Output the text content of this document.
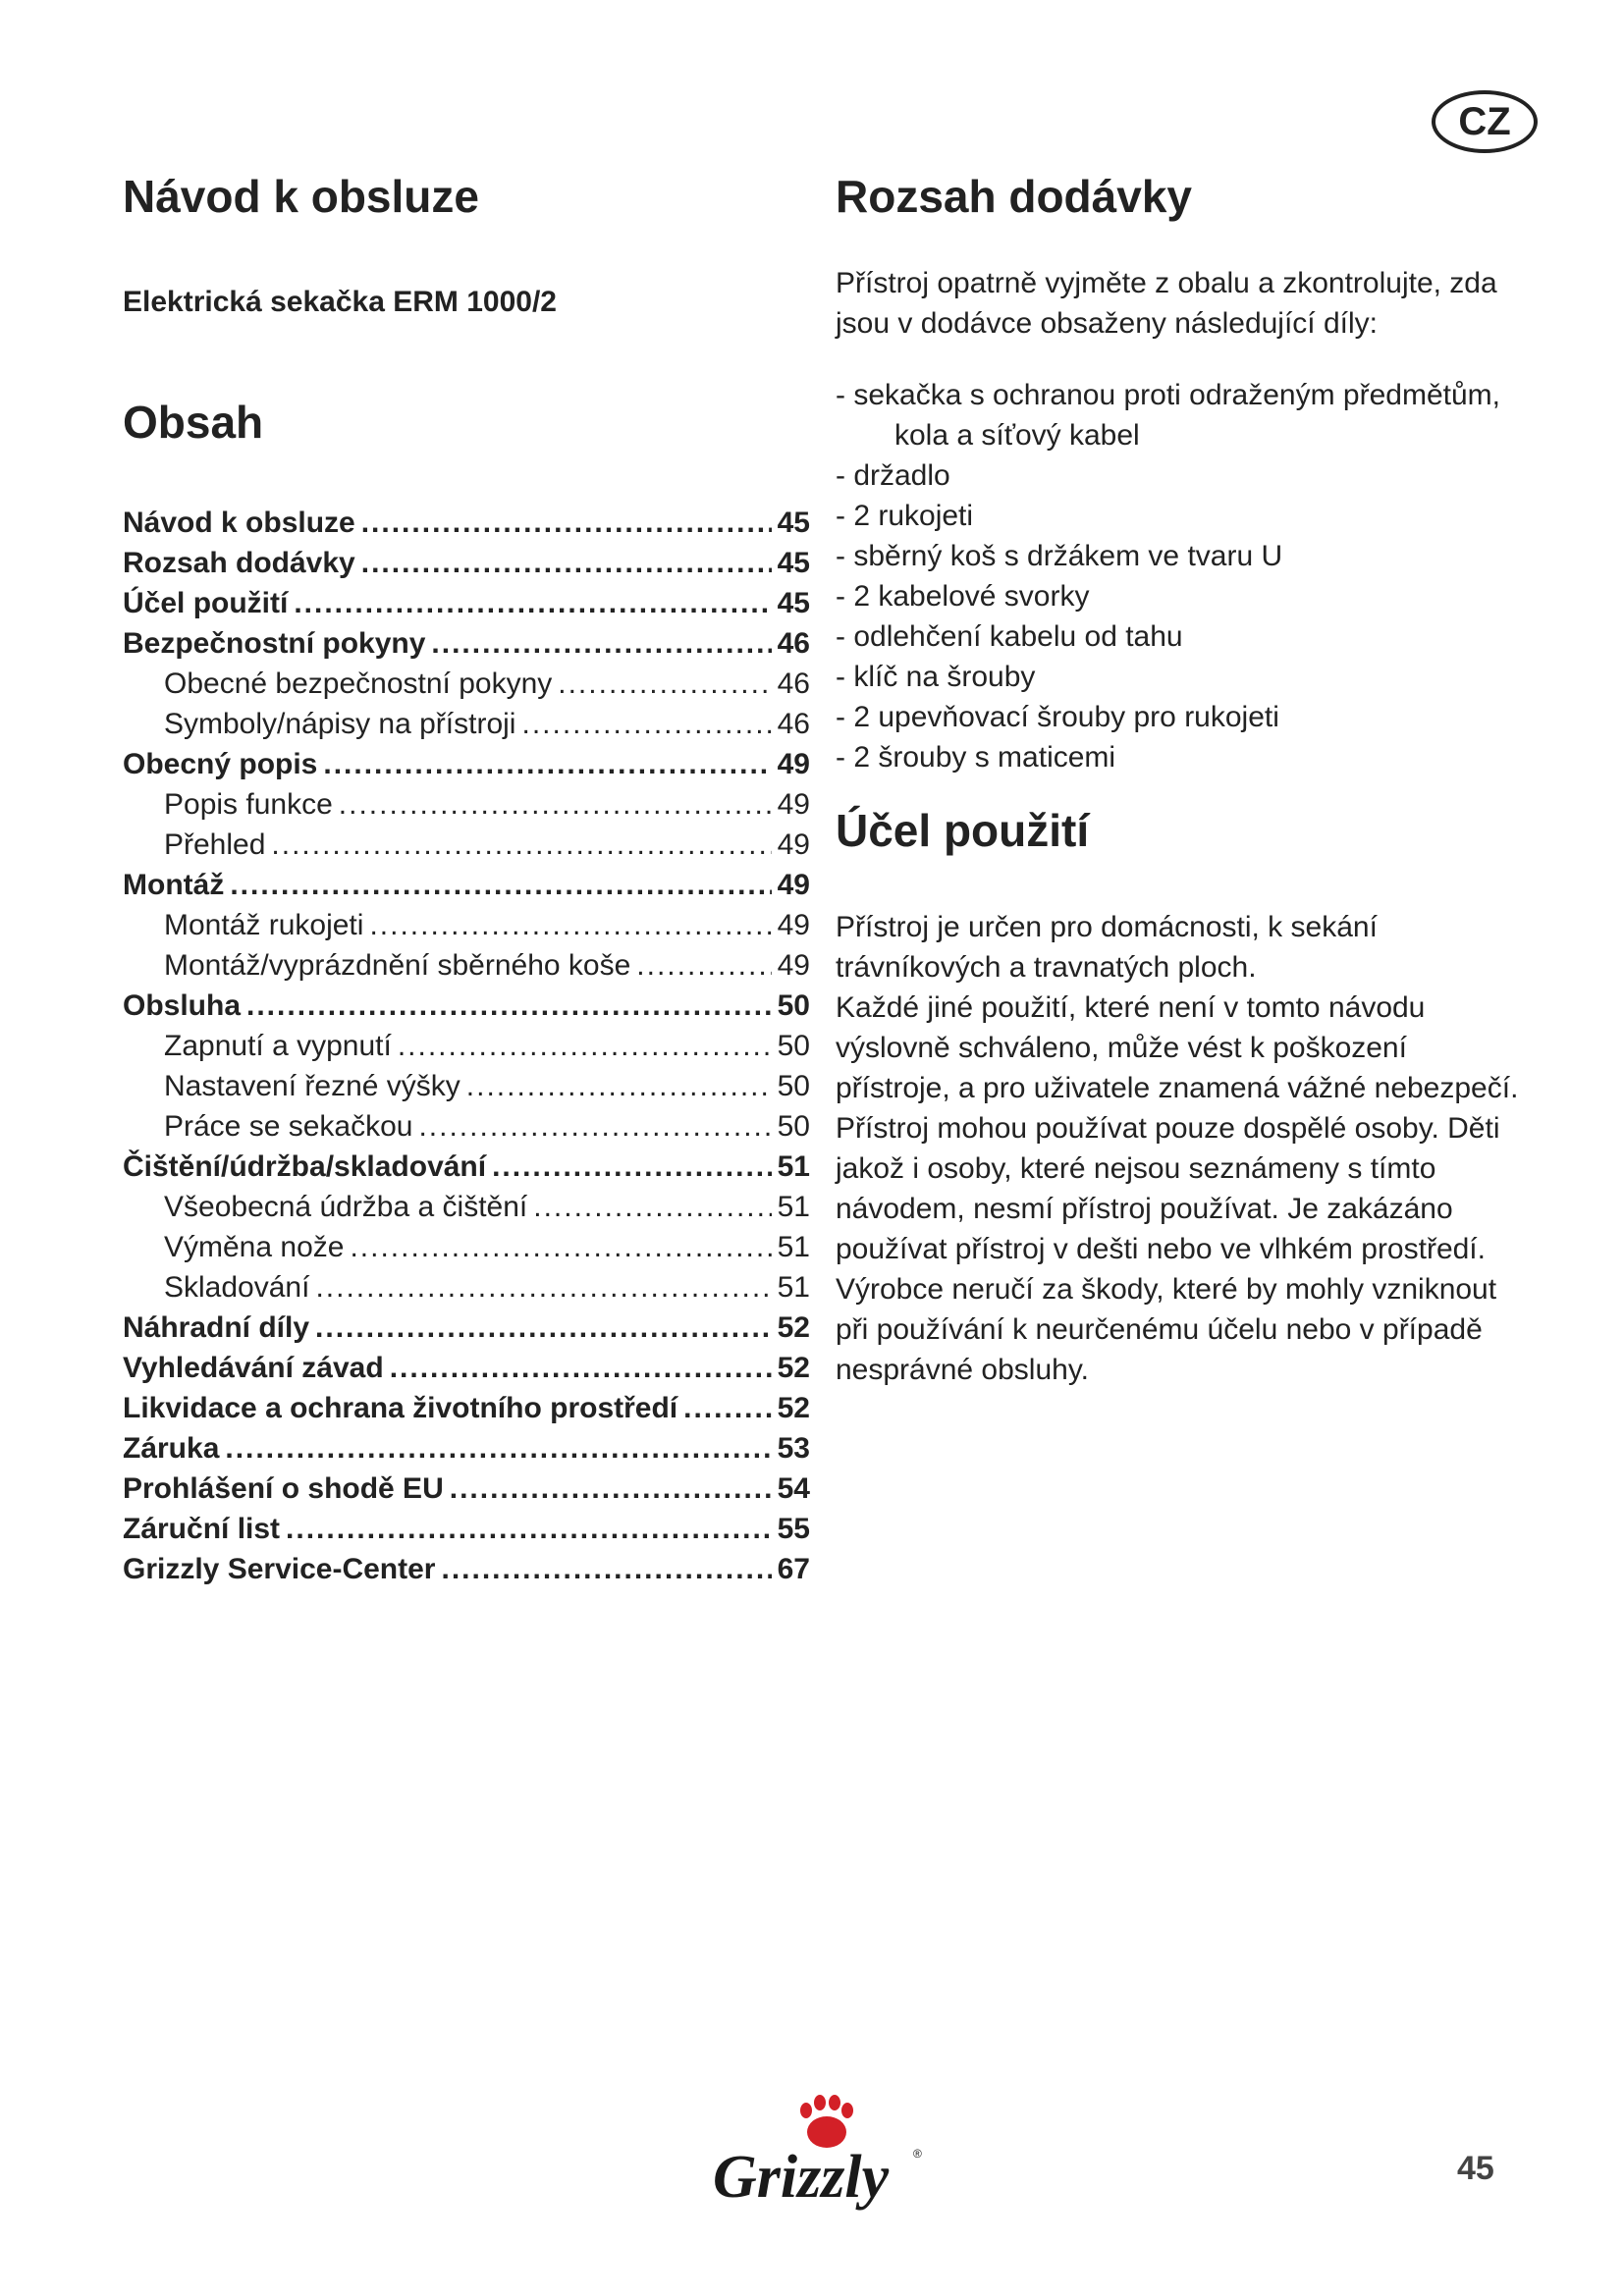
CZ
Návod k obsluze
Elektrická sekačka ERM 1000/2
Obsah
Návod k obsluze .....	45
Rozsah dodávky .....	45
Účel použití .....	45
Bezpečnostní pokyny .....	46
Obecné bezpečnostní pokyny .....	46
Symboly/nápisy na přístroji .....	46
Obecný popis .....	49
Popis funkce .....	49
Přehled .....	49
Montáž .....	49
Montáž rukojeti .....	49
Montáž/vyprázdnění sběrného koše .....	49
Obsluha .....	50
Zapnutí a vypnutí .....	50
Nastavení řezné výšky .....	50
Práce se sekačkou .....	50
Čištění/údržba/skladování .....	51
Všeobecná údržba a čištění .....	51
Výměna nože .....	51
Skladování .....	51
Náhradní díly .....	52
Vyhledávání závad .....	52
Likvidace a ochrana životního prostředí .....	52
Záruka .....	53
Prohlášení o shodě EU .....	54
Záruční list .....	55
Grizzly Service-Center .....	67
Rozsah dodávky

Přístroj opatrně vyjměte z obalu a zkontrolujte, zda jsou v dodávce obsaženy následující díly:

- sekačka s ochranou proti odraženým předmětům, kola a síťový kabel
- držadlo
- 2 rukojeti
- sběrný koš s držákem ve tvaru U
- 2 kabelové svorky
- odlehčení kabelu od tahu
- klíč na šrouby
- 2 upevňovací šrouby pro rukojeti
- 2 šrouby s maticemi
Účel použití

Přístroj je určen pro domácnosti, k sekání trávníkových a travnatých ploch.

Každé jiné použití, které není v tomto návodu výslovně schváleno, může vést k poškození přístroje, a pro uživatele znamená vážné nebezpečí.

Přístroj mohou používat pouze dospělé osoby. Děti jakož i osoby, které nejsou seznámeny s tímto návodem, nesmí přístroj používat. Je zakázáno používat přístroj v dešti nebo ve vlhkém prostředí.

Výrobce neručí za škody, které by mohly vzniknout při používání k neurčenému účelu nebo v případě nesprávné obsluhy.

Grizzly ®	45
